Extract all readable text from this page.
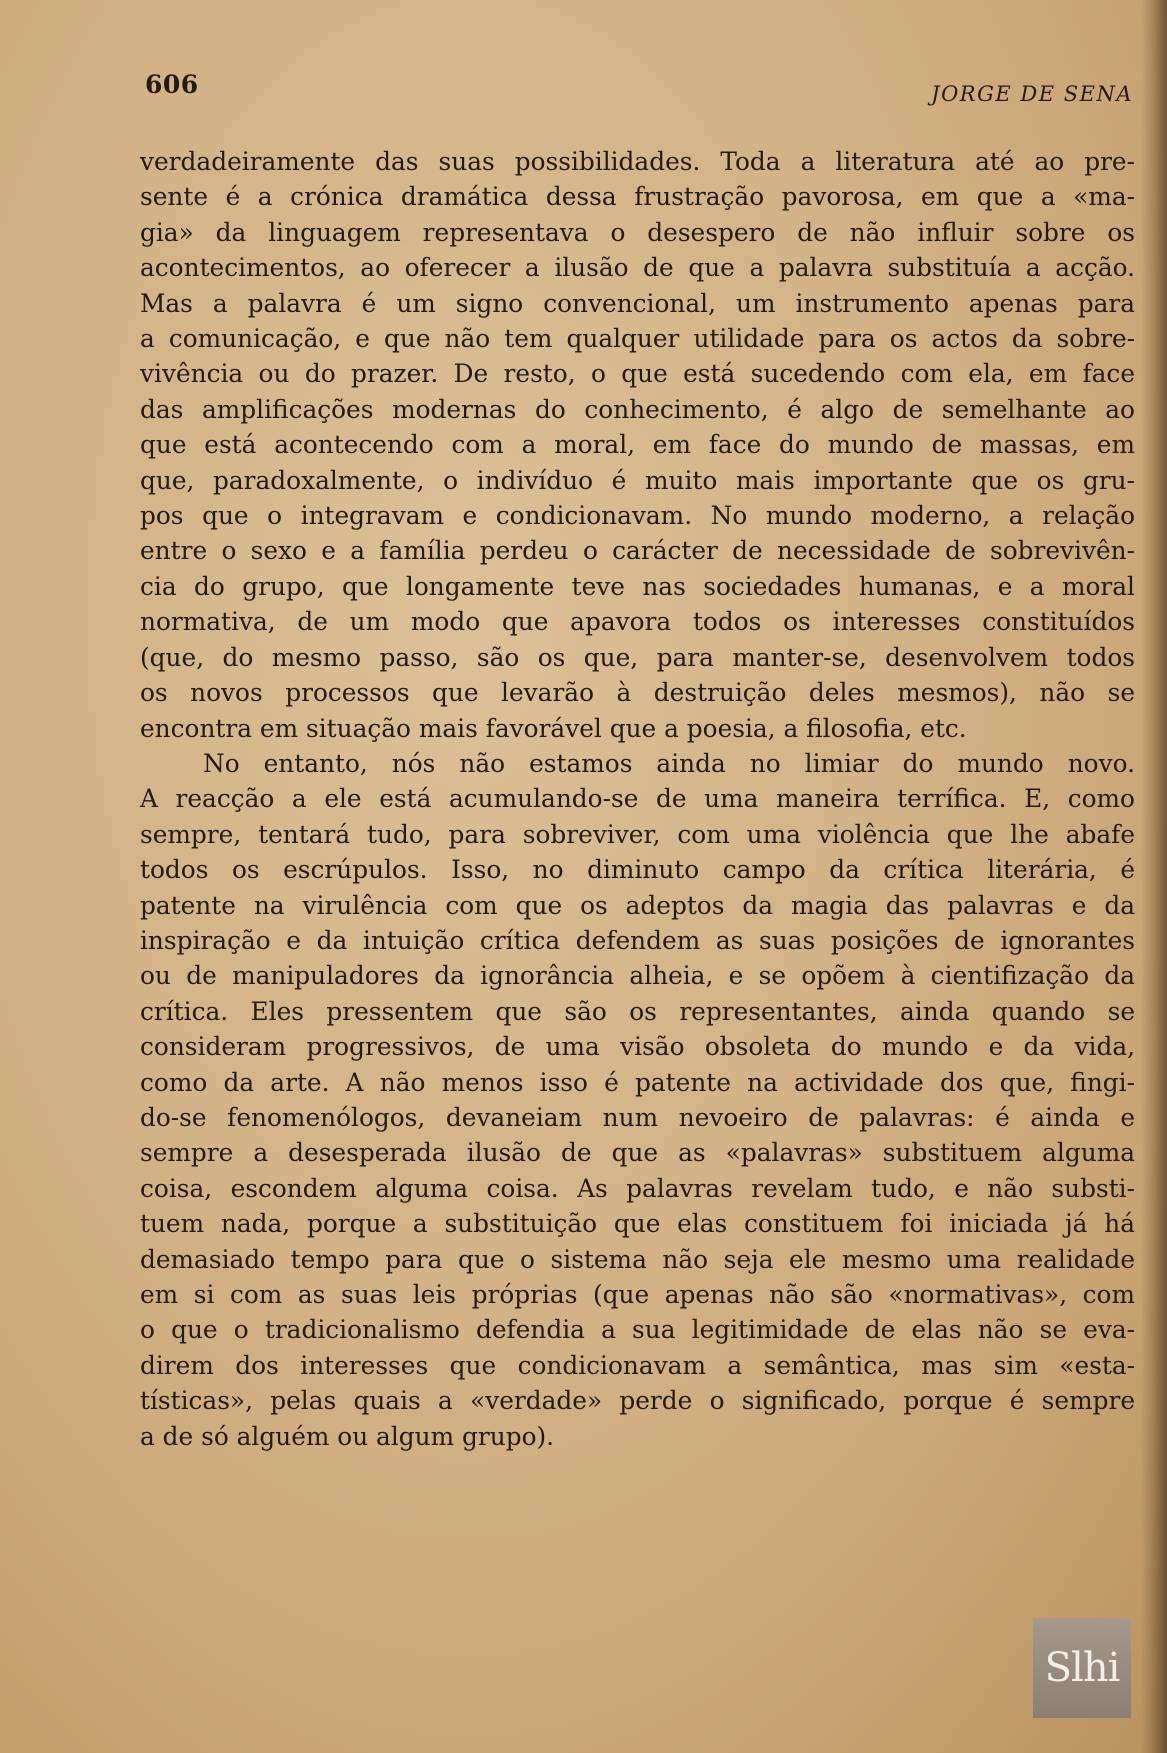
606	JORGE DE SENA

verdadeiramente das suas possibilidades. Toda a literatura até ao pre-

sente é a crónica dramática dessa frustração pavorosa, em que a «ma-

gia» da linguagem representava o desespero de não influir sobre os

acontecimentos, ao oferecer a ilusão de que a palavra substituía a acção.

Mas a palavra é um signo convencional, um instrumento apenas para

a comunicação, e que não tem qualquer utilidade para os actos da sobre-

vivência ou do prazer. De resto, o que está sucedendo com ela, em face

das amplificações modernas do conhecimento, é algo de semelhante ao

que está acontecendo com a moral, em face do mundo de massas, em

que, paradoxalmente, o indivíduo é muito mais importante que os gru-

pos que o integravam e condicionavam. No mundo moderno, a relação

entre o sexo e a família perdeu o carácter de necessidade de sobrevivên-

cia do grupo, que longamente teve nas sociedades humanas, e a moral

normativa, de um modo que apavora todos os interesses constituídos

(que, do mesmo passo, são os que, para manter-se, desenvolvem todos

os novos processos que levarão à destruição deles mesmos), não se

encontra em situação mais favorável que a poesia, a filosofia, etc.

No entanto, nós não estamos ainda no limiar do mundo novo.

A reacção a ele está acumulando-se de uma maneira terrífica. E, como

sempre, tentará tudo, para sobreviver, com uma violência que lhe abafe

todos os escrúpulos. Isso, no diminuto campo da crítica literária, é

patente na virulência com que os adeptos da magia das palavras e da

inspiração e da intuição crítica defendem as suas posições de ignorantes

ou de manipuladores da ignorância alheia, e se opõem à cientifização da

crítica. Eles pressentem que são os representantes, ainda quando se

consideram progressivos, de uma visão obsoleta do mundo e da vida,

como da arte. A não menos isso é patente na actividade dos que, fingi-

do-se fenomenólogos, devaneiam num nevoeiro de palavras: é ainda e

sempre a desesperada ilusão de que as «palavras» substituem alguma

coisa, escondem alguma coisa. As palavras revelam tudo, e não substi-

tuem nada, porque a substituição que elas constituem foi iniciada já há

demasiado tempo para que o sistema não seja ele mesmo uma realidade

em si com as suas leis próprias (que apenas não são «normativas», com

o que o tradicionalismo defendia a sua legitimidade de elas não se eva-

direm dos interesses que condicionavam a semântica, mas sim «esta-

tísticas», pelas quais a «verdade» perde o significado, porque é sempre

a de só alguém ou algum grupo).

Slhi
